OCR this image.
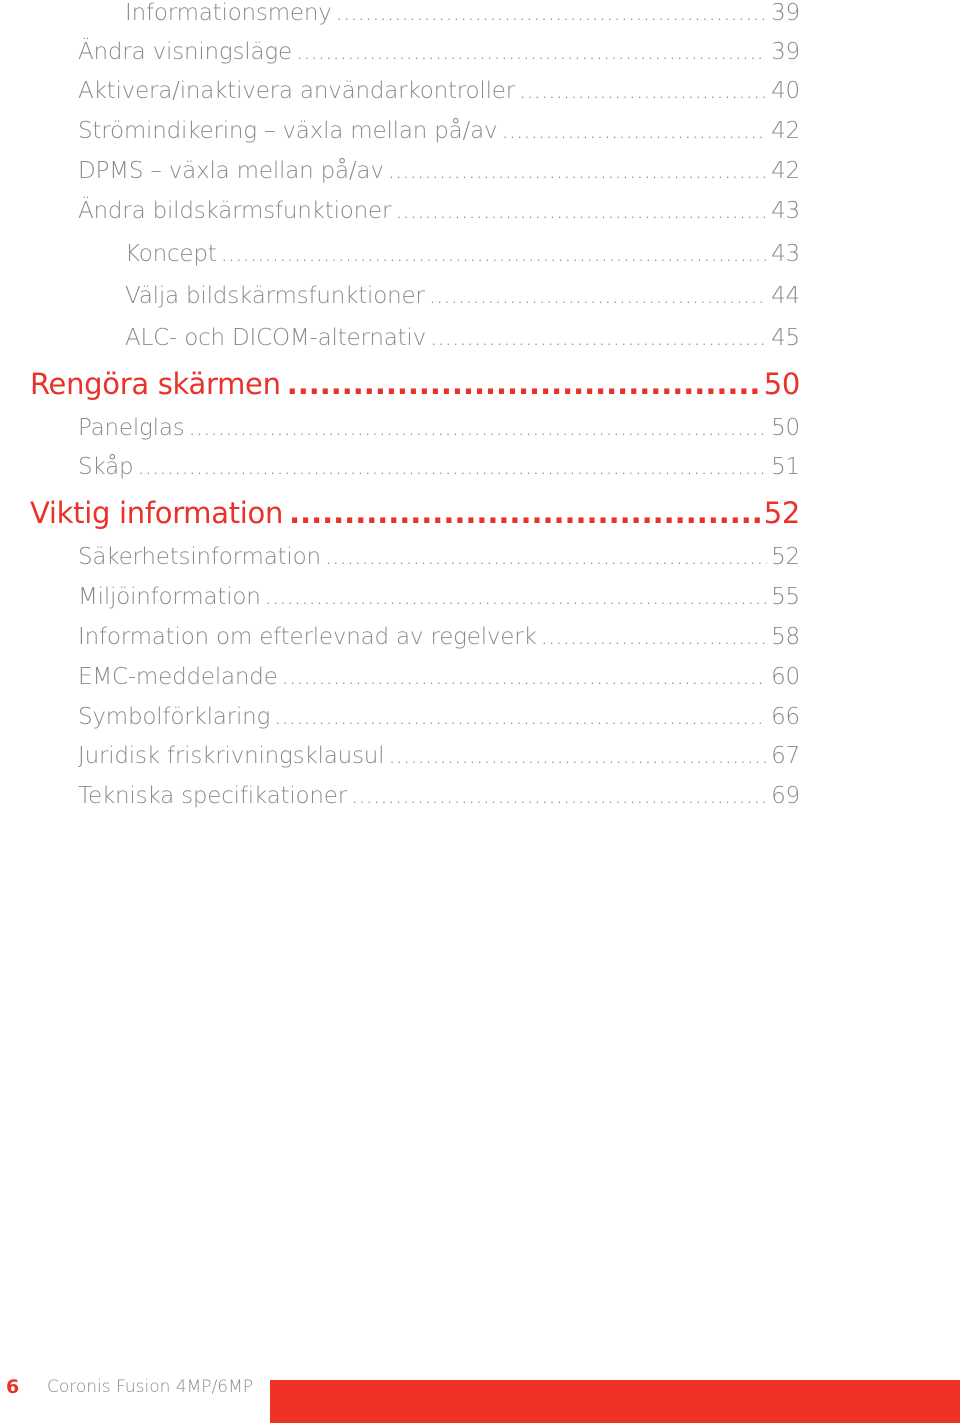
Informationsmeny .....	39
Ändra visningsläge .....	39
Aktivera/inaktivera användarkontroller .....	40
Strömindikering – växla mellan på/av .....	42
DPMS – växla mellan på/av .....	42
Ändra bildskärmsfunktioner .....	43
Koncept .....	43
Välja bildskärmsfunktioner .....	44
ALC- och DICOM-alternativ .....	45
Rengöra skärmen .....	50
Panelglas .....	50
Skåp .....	51
Viktig information .....	52
Säkerhetsinformation .....	52
Miljöinformation .....	55
Information om efterlevnad av regelverk .....	58
EMC-meddelande .....	60
Symbolförklaring .....	66
Juridisk friskrivningsklausul .....	67
Tekniska specifikationer .....	69
6 Coronis Fusion 4MP/6MP
